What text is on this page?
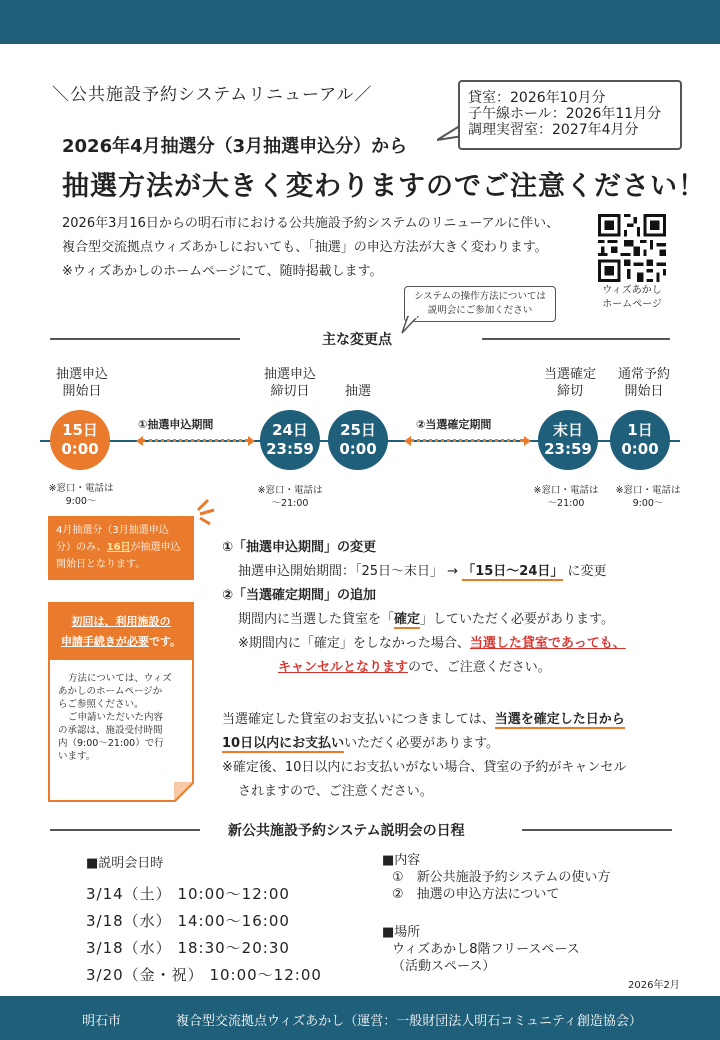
＼公共施設予約システムリニューアル／
2026年4月抽選分（3月抽選申込分）から
抽選方法が大きく変わりますのでご注意ください！
貸室：2026年10月分
子午線ホール：2026年11月分
調理実習室：2027年4月分
2026年3月16日からの明石市における公共施設予約システムのリニューアルに伴い、
複合型交流拠点ウィズあかしにおいても、「抽選」の申込方法が大きく変わります。
※ウィズあかしのホームページにて、随時掲載します。
ウィズあかし
ホームページ
システムの操作方法については
説明会にご参加ください
主な変更点
抽選申込
開始日
抽選申込
締切日	抽選
当選確定
締切
通常予約
開始日
15日
0:00
24日
23:59
25日
0:00
末日
23:59
1日
0:00
①抽選申込期間	②当選確定期間
※窓口・電話は
9:00～
※窓口・電話は
～21:00
※窓口・電話は
～21:00
※窓口・電話は
9:00～
4月抽選分（3月抽選申込
分）のみ、16日が抽選申込
開始日となります。
初回は、利用施設の
申請手続きが必要です。
方法については、ウィズ
あかしのホームページか
らご参照ください。
ご申請いただいた内容
の承認は、施設受付時間
内（9:00～21:00）で行
います。
①「抽選申込期間」の変更
抽選申込開始期間：「25日～末日」 → 「15日～24日」 に変更
②「当選確定期間」の追加
期間内に当選した貸室を「確定」していただく必要があります。
※期間内に「確定」をしなかった場合、当選した貸室であっても、
キャンセルとなりますので、ご注意ください。
当選確定した貸室のお支払いにつきましては、当選を確定した日から
10日以内にお支払いいただく必要があります。
※確定後、10日以内にお支払いがない場合、貸室の予約がキャンセル
されますので、ご注意ください。
新公共施設予約システム説明会の日程
■説明会日時
3/14（土） 10:00～12:00
3/18（水） 14:00～16:00
3/18（水） 18:30～20:30
3/20（金・祝） 10:00～12:00
■内容
①　新公共施設予約システムの使い方
②　抽選の申込方法について
■場所
ウィズあかし8階フリースペース
（活動スペース）
2026年2月
明石市	複合型交流拠点ウィズあかし（運営：一般財団法人明石コミュニティ創造協会）
